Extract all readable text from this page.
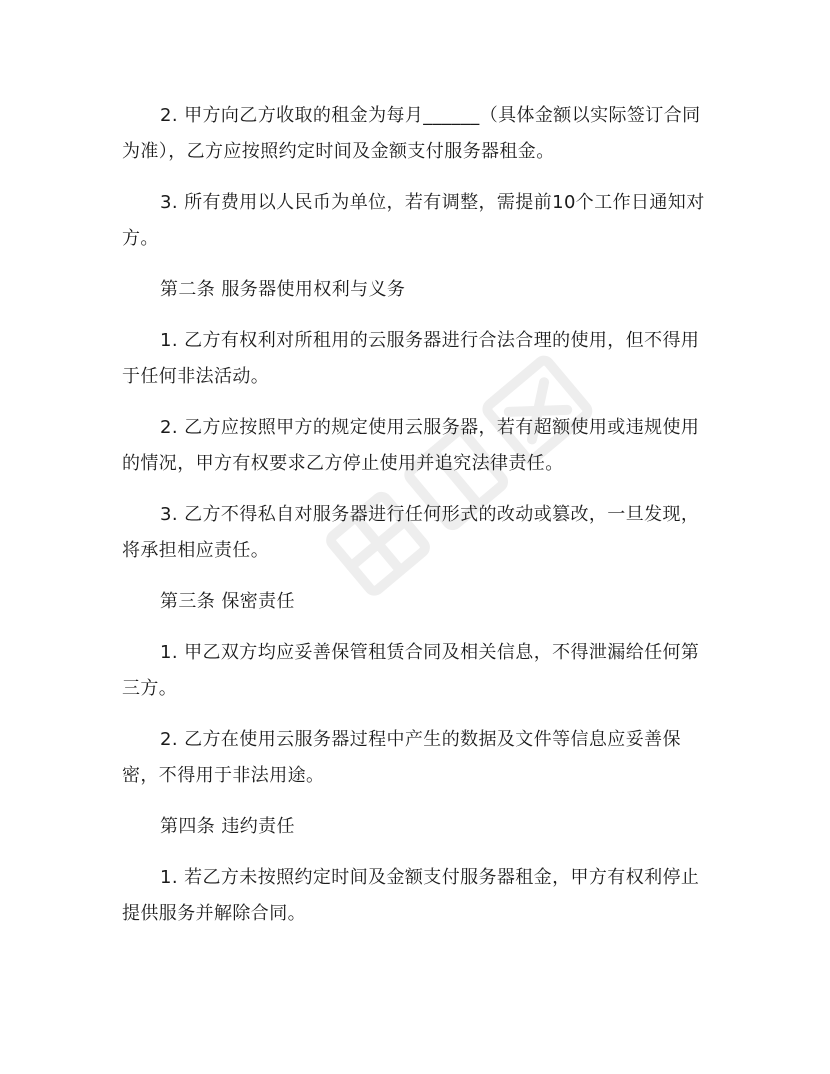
2. 甲方向乙方收取的租金为每月______（具体金额以实际签订合同为准），乙方应按照约定时间及金额支付服务器租金。

3. 所有费用以人民币为单位，若有调整，需提前10个工作日通知对方。

第二条 服务器使用权利与义务

1. 乙方有权利对所租用的云服务器进行合法合理的使用，但不得用于任何非法活动。

2. 乙方应按照甲方的规定使用云服务器，若有超额使用或违规使用的情况，甲方有权要求乙方停止使用并追究法律责任。

3. 乙方不得私自对服务器进行任何形式的改动或篡改，一旦发现，将承担相应责任。

第三条 保密责任

1. 甲乙双方均应妥善保管租赁合同及相关信息，不得泄漏给任何第三方。

2. 乙方在使用云服务器过程中产生的数据及文件等信息应妥善保密，不得用于非法用途。

第四条 违约责任

1. 若乙方未按照约定时间及金额支付服务器租金，甲方有权利停止提供服务并解除合同。
